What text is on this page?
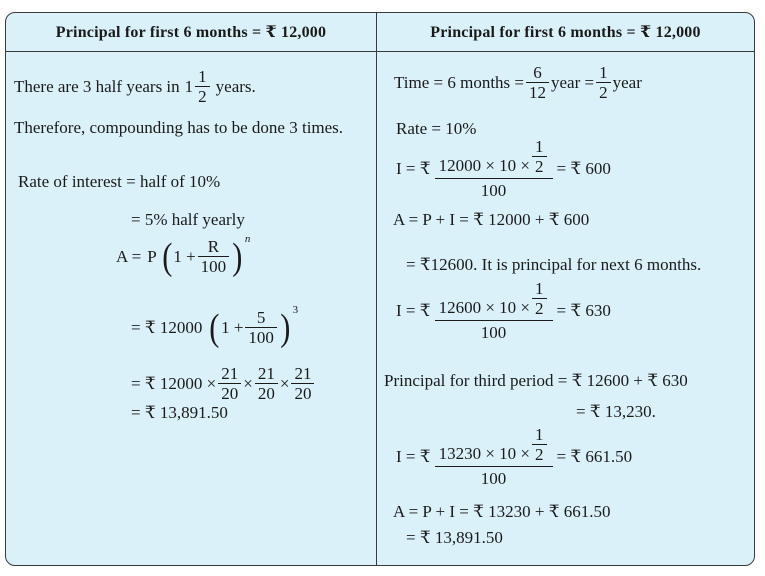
Principal for first 6 months = ₹ 12,000	Principal for first 6 months = ₹ 12,000
There are 3 half years in 1 1
2
years.
Therefore, compounding has to be done 3 times.
Rate of interest = half of 10%
= 5% half yearly
A = P ( $1 + \frac{R}{100}$ ) n
= ₹ 12000 ( $1 + \frac{5}{100}$ ) 3
= ₹ $12000 \times \frac{21}{20} \times \frac{21}{20} \times \frac{21}{20}$
= ₹ 13,891.50
Time = 6 months = $\frac{6}{12}$ year = $\frac{1}{2}$ year
Rate = 10%
I = ₹ $\frac{12000 \times 10 \times \frac{1}{2}}{100}$ = ₹ 600
A = P + I = ₹ 12000 + ₹ 600
= ₹12600. It is principal for next 6 months.
I = ₹ $\frac{12600 \times 10 \times \frac{1}{2}}{100}$ = ₹ 630
Principal for third period = ₹ 12600 + ₹ 630
= ₹ 13,230.
I = ₹ $\frac{13230 \times 10 \times \frac{1}{2}}{100}$ = ₹ 661.50
A = P + I = ₹ 13230 + ₹ 661.50
= ₹ 13,891.50
